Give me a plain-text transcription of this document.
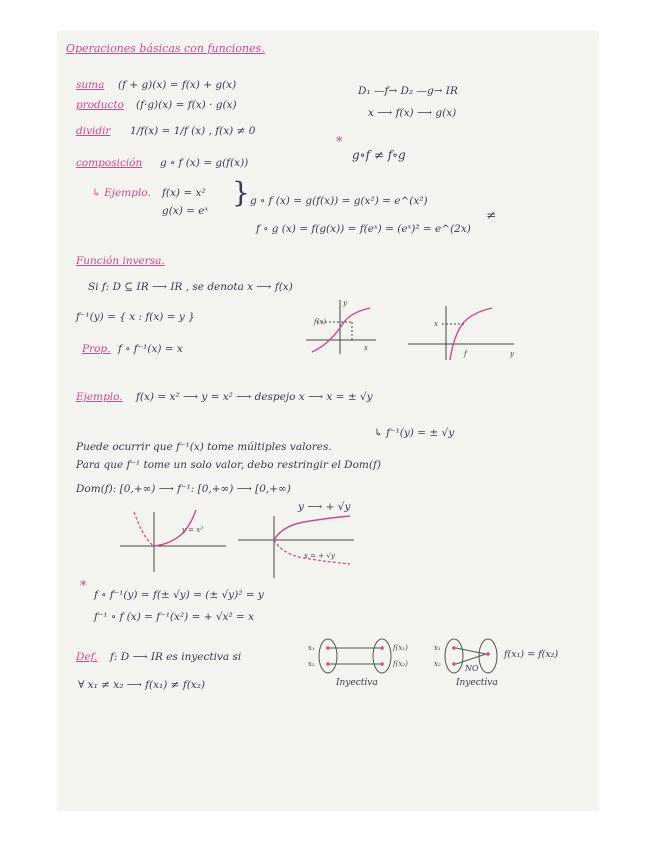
Operaciones básicas con funciones.
suma (f + g)(x) = f(x) + g(x)
producto (f·g)(x) = f(x) · g(x)
dividir 1/f(x) = 1/f (x) , f(x) ≠ 0
composición g ∘ f (x) = g(f(x))
D₁ —f→ D₂ —g→ IR
x ⟶ f(x) ⟶ g(x)
*
g∘f ≠ f∘g
↳ Ejemplo. f(x) = x²
g(x) = eˣ
} g ∘ f (x) = g(f(x)) = g(x²) = e^(x²)
≠
f ∘ g (x) = f(g(x)) = f(eˣ) = (eˣ)² = e^(2x)
Función inversa.
Si f: D ⊆ IR ⟶ IR , se denota x ⟶ f(x)
f⁻¹(y) = { x : f(x) = y }
Prop. f ∘ f⁻¹(x) = x
y
f(x)
x
x
f	y
Ejemplo. f(x) = x² ⟶ y = x² ⟶ despejo x ⟶ x = ± √y
↳ f⁻¹(y) = ± √y
Puede ocurrir que f⁻¹(x) tome múltiples valores.
Para que f⁻¹ tome un solo valor, debo restringir el Dom(f)
Dom(f): [0,+∞) ⟶ f⁻¹: [0,+∞) ⟶ [0,+∞)
y ⟶ + √y
y = x²
x = + √y
*
f ∘ f⁻¹(y) = f(± √y) = (± √y)² = y
f⁻¹ ∘ f (x) = f⁻¹(x²) = + √x² = x
Def. f: D ⟶ IR es inyectiva si
∀ x₁ ≠ x₂ ⟶ f(x₁) ≠ f(x₂)
x₁
x₂
f(x₁)
f(x₂)
Inyectiva
x₁
x₂
f(x₁) = f(x₂)
NO
Inyectiva
